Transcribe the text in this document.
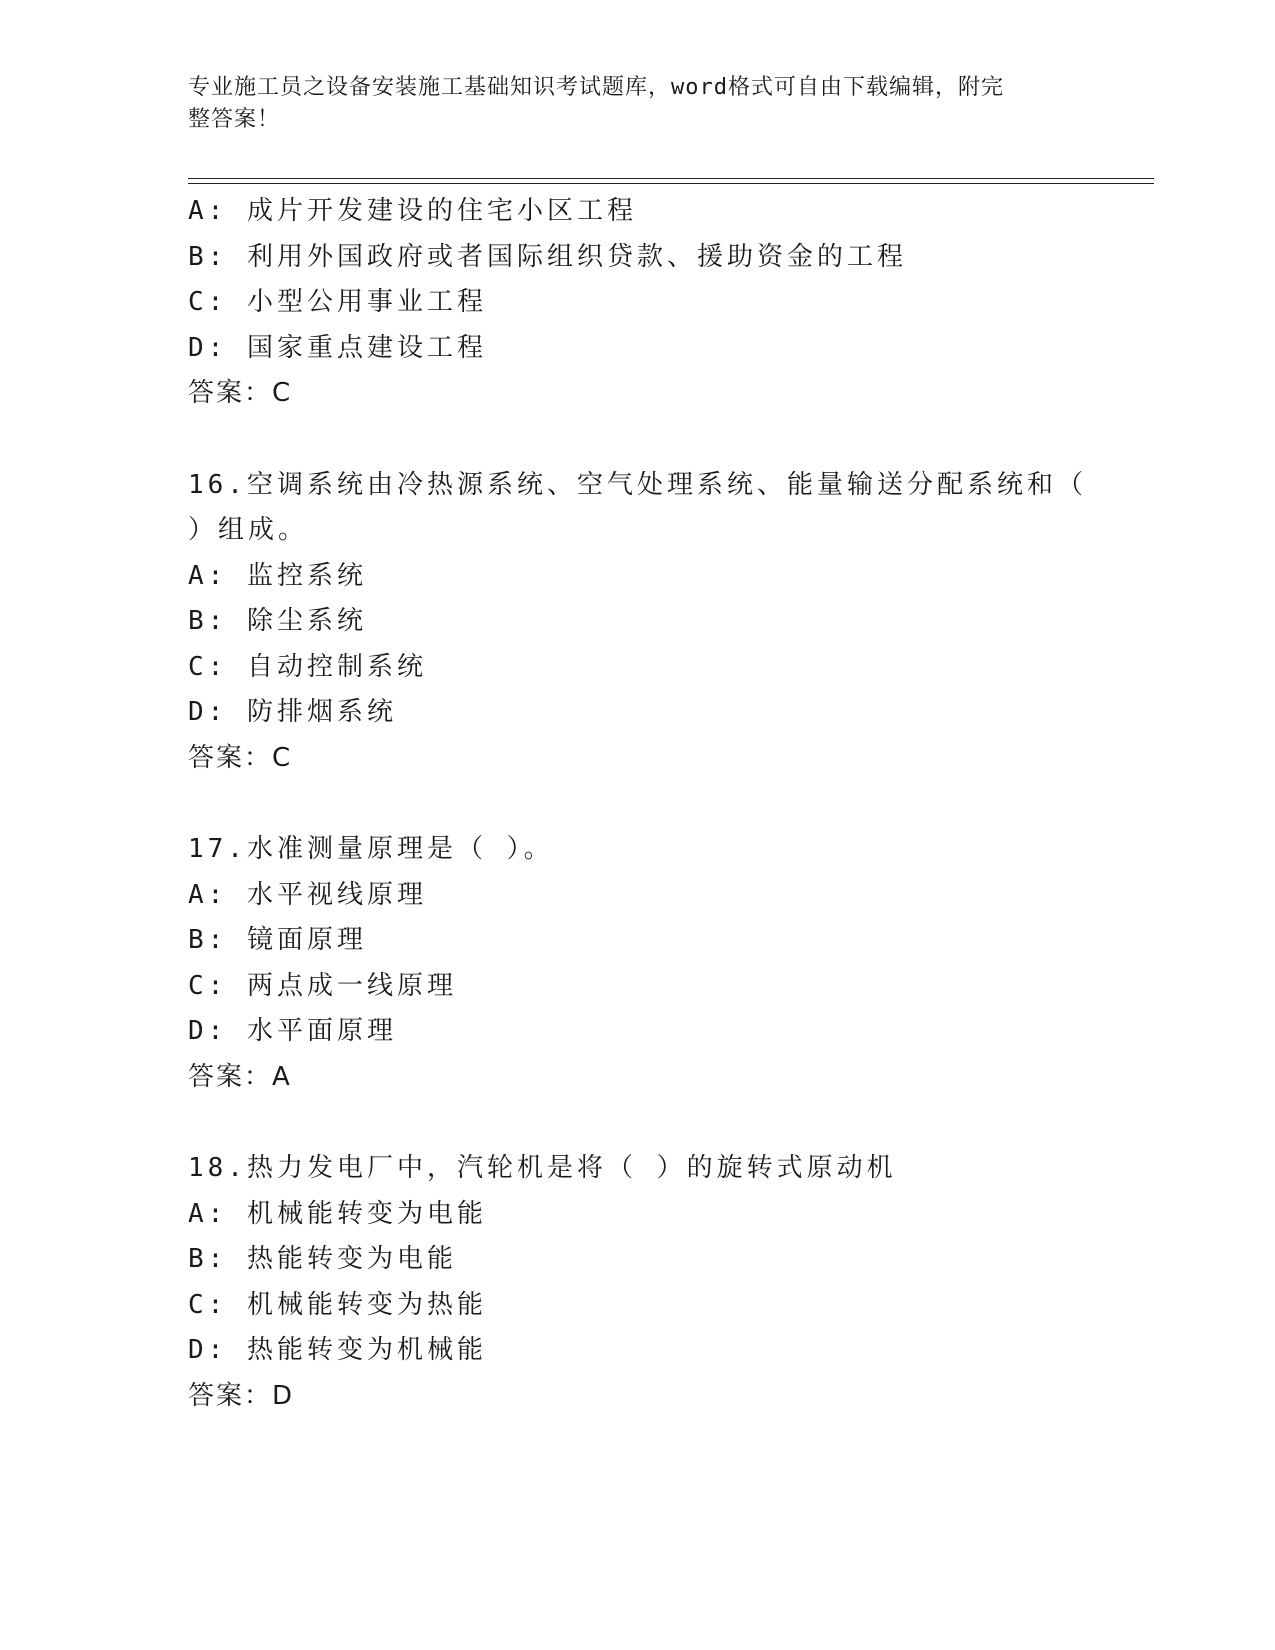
专业施工员之设备安装施工基础知识考试题库，word格式可自由下载编辑，附完
整答案！
A: 成片开发建设的住宅小区工程
B: 利用外国政府或者国际组织贷款、援助资金的工程
C: 小型公用事业工程
D: 国家重点建设工程
答案：C
16.空调系统由冷热源系统、空气处理系统、能量输送分配系统和（
）组成。
A: 监控系统
B: 除尘系统
C: 自动控制系统
D: 防排烟系统
答案：C
17.水准测量原理是（ ）。
A: 水平视线原理
B: 镜面原理
C: 两点成一线原理
D: 水平面原理
答案：A
18.热力发电厂中，汽轮机是将（ ）的旋转式原动机
A: 机械能转变为电能
B: 热能转变为电能
C: 机械能转变为热能
D: 热能转变为机械能
答案：D
